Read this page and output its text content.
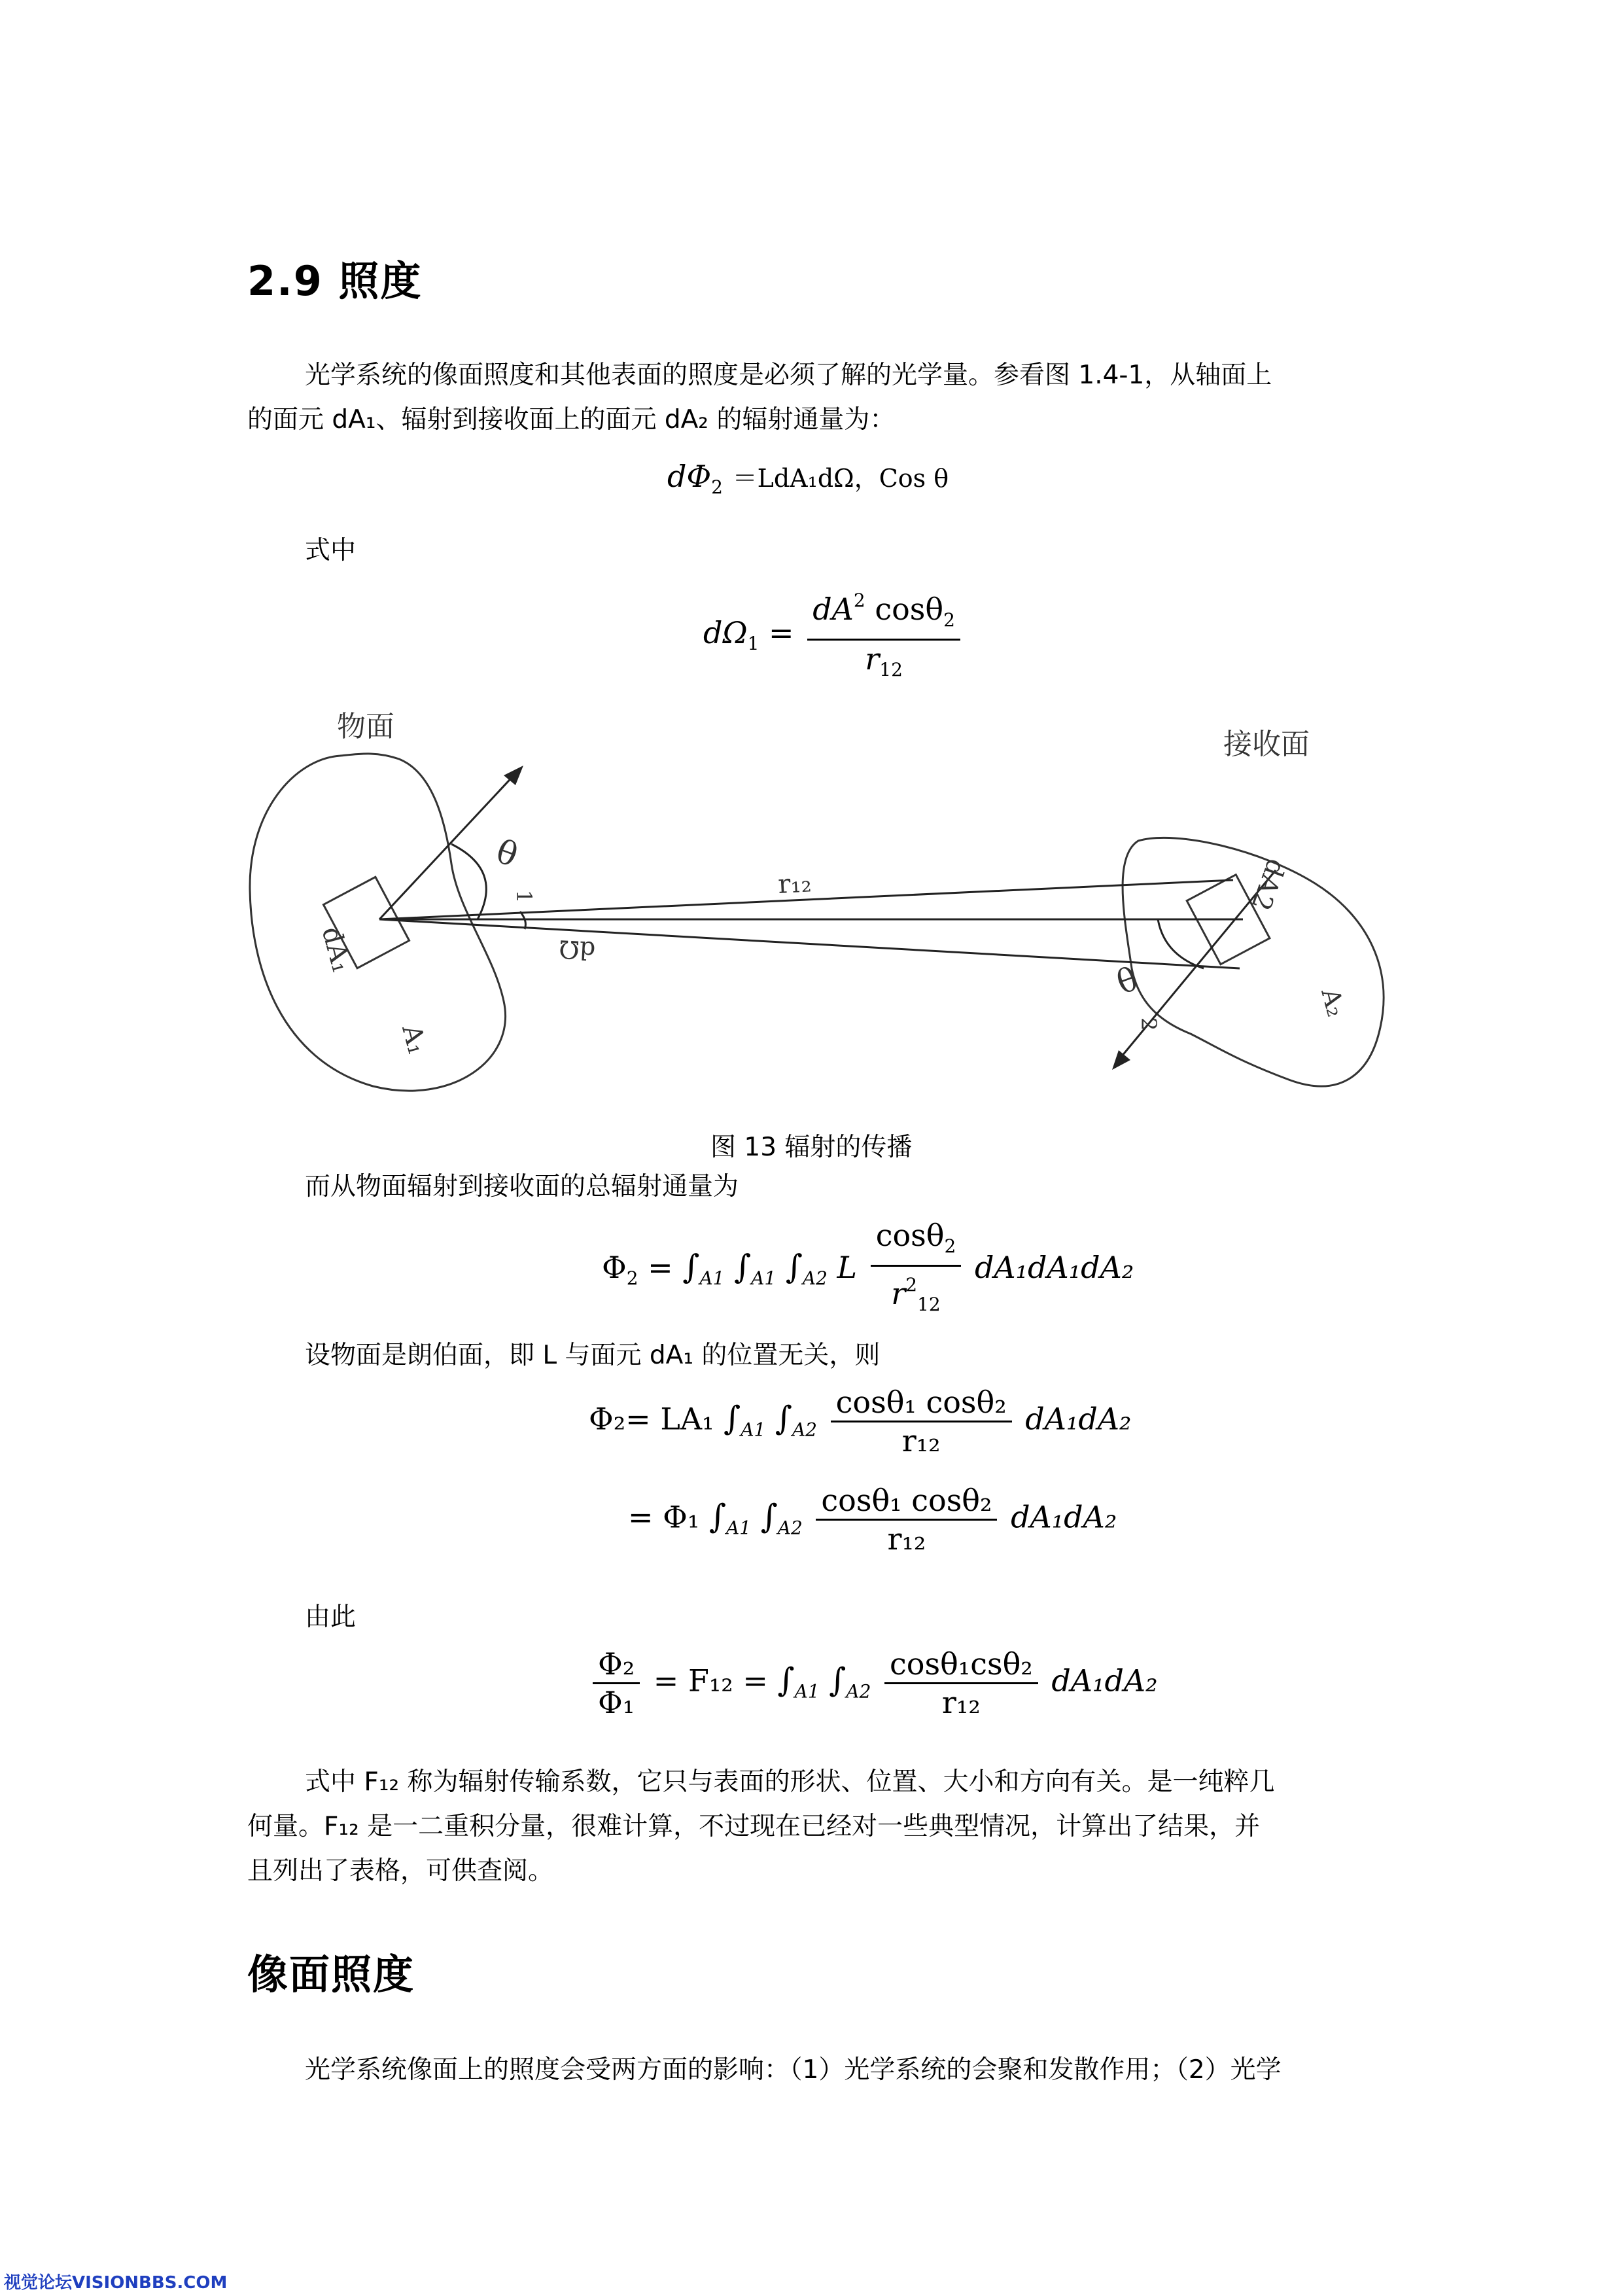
2.9 照度
光学系统的像面照度和其他表面的照度是必须了解的光学量。参看图 1.4-1，从轴面上
的面元 dA₁、辐射到接收面上的面元 dA₂ 的辐射通量为：
$d\Phi_2 =LdA_1d\Omega$，Cos θ
式中
$d\Omega_1 = \frac{dA^2 \cos\theta_2}{r_{12}}$
物面
接收面
θ
1	r₁₂
dΩ
dA₁
A₁
dA2
A₂
θ
2
图 13 辐射的传播
而从物面辐射到接收面的总辐射通量为
$\Phi_2 = \int_{A1}$ $\int_{A1}$ $\int_{A2}$ L $\frac{\cos\theta_2}{r^2_{12}} dA_1dA_1dA_2$
设物面是朗伯面，即 L 与面元 dA₁ 的位置无关，则
Φ₂= LA₁ $\int_{A1}$ $\int_{A2} \frac{\text{cosθ₁ cosθ₂}}{\text{r₁₂}} dA_1dA_2$
= Φ₁ $\int_{A1}$ $\int_{A2} \frac{\text{cosθ₁ cosθ₂}}{\text{r₁₂}} dA_1dA_2$
由此
$\frac{\text{Φ₂}}{\text{Φ₁}} = F_{12} = \int_{A1}$ $\int_{A2} \frac{\text{cosθ₁csθ₂}}{\text{r₁₂}} dA_1dA_2$
式中 F₁₂ 称为辐射传输系数，它只与表面的形状、位置、大小和方向有关。是一纯粹几
何量。F₁₂ 是一二重积分量，很难计算，不过现在已经对一些典型情况，计算出了结果，并
且列出了表格，可供查阅。
像面照度
光学系统像面上的照度会受两方面的影响：（1）光学系统的会聚和发散作用；（2）光学
视觉论坛VISIONBBS.COM
